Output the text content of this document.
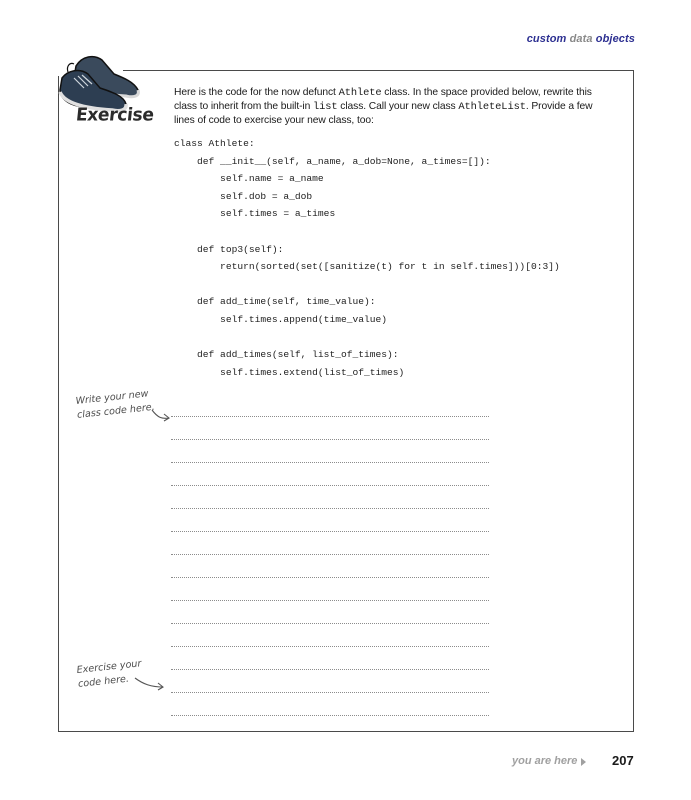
custom data objects
Exercise
Here is the code for the now defunct Athlete class. In the space provided below, rewrite this class to inherit from the built-in list class. Call your new class AthleteList. Provide a few lines of code to exercise your new class, too:
class Athlete:
def __init__(self, a_name, a_dob=None, a_times=[]):
self.name = a_name
self.dob = a_dob
self.times = a_times
def top3(self):
return(sorted(set([sanitize(t) for t in self.times]))[0:3])
def add_time(self, time_value):
self.times.append(time_value)
def add_times(self, list_of_times):
self.times.extend(list_of_times)
Write your new
class code here.
Exercise your
code here.
you are here	207
